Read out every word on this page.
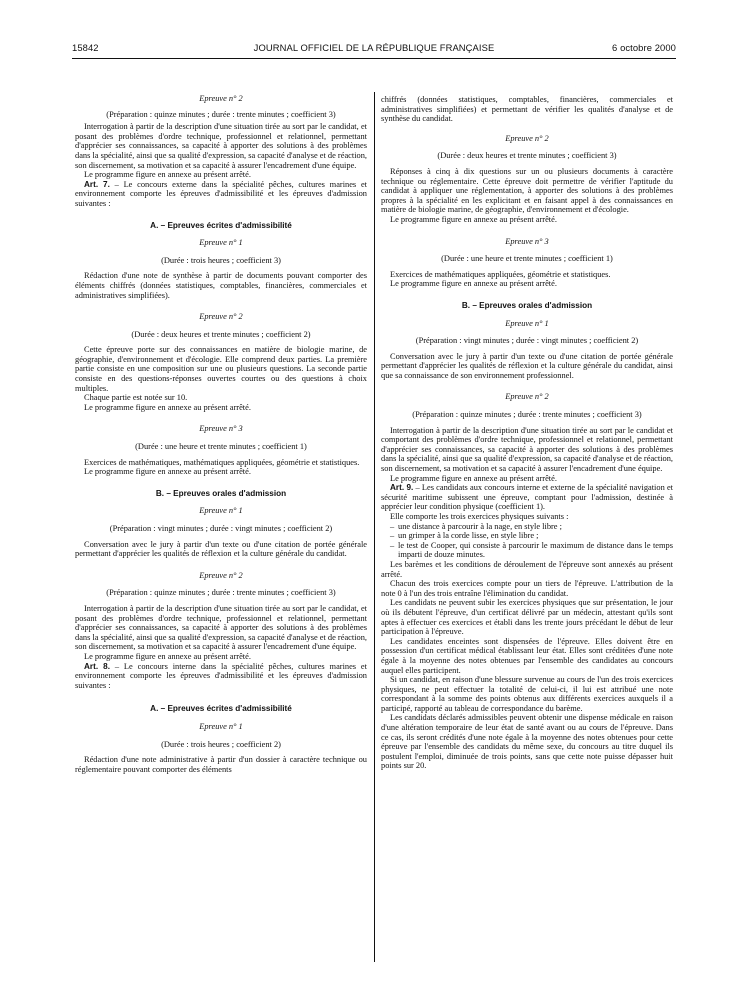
15842	JOURNAL OFFICIEL DE LA RÉPUBLIQUE FRANÇAISE	6 octobre 2000

Epreuve n° 2

(Préparation : quinze minutes ; durée : trente minutes ; coefficient 3)

Interrogation à partir de la description d'une situation tirée au sort par le candidat, et posant des problèmes d'ordre technique, professionnel et relationnel, permettant d'apprécier ses connaissances, sa capacité à apporter des solutions à des problèmes dans la spécialité, ainsi que sa qualité d'expression, sa capacité d'analyse et de réaction, son discernement, sa motivation et sa capacité à assurer l'encadrement d'une équipe.

Le programme figure en annexe au présent arrêté.

Art. 7. – Le concours externe dans la spécialité pêches, cultures marines et environnement comporte les épreuves d'admissibilité et les épreuves d'admission suivantes :

A. – Epreuves écrites d'admissibilité

Epreuve n° 1

(Durée : trois heures ; coefficient 3)

Rédaction d'une note de synthèse à partir de documents pouvant comporter des éléments chiffrés (données statistiques, comptables, financières, commerciales et administratives simplifiées).

Epreuve n° 2

(Durée : deux heures et trente minutes ; coefficient 2)

Cette épreuve porte sur des connaissances en matière de biologie marine, de géographie, d'environnement et d'écologie. Elle comprend deux parties. La première partie consiste en une composition sur une ou plusieurs questions. La seconde partie consiste en des questions-réponses ouvertes courtes ou des questions à choix multiples.

Chaque partie est notée sur 10.

Le programme figure en annexe au présent arrêté.

Epreuve n° 3

(Durée : une heure et trente minutes ; coefficient 1)

Exercices de mathématiques, mathématiques appliquées, géométrie et statistiques.

Le programme figure en annexe au présent arrêté.

B. – Epreuves orales d'admission

Epreuve n° 1

(Préparation : vingt minutes ; durée : vingt minutes ; coefficient 2)

Conversation avec le jury à partir d'un texte ou d'une citation de portée générale permettant d'apprécier les qualités de réflexion et la culture générale du candidat.

Epreuve n° 2

(Préparation : quinze minutes ; durée : trente minutes ; coefficient 3)

Interrogation à partir de la description d'une situation tirée au sort par le candidat, et posant des problèmes d'ordre technique, professionnel et relationnel, permettant d'apprécier ses connaissances, sa capacité à apporter des solutions à des problèmes dans la spécialité, ainsi que sa qualité d'expression, sa capacité d'analyse et de réaction, son discernement, sa motivation et sa capacité à assurer l'encadrement d'une équipe.

Le programme figure en annexe au présent arrêté.

Art. 8. – Le concours interne dans la spécialité pêches, cultures marines et environnement comporte les épreuves d'admissibilité et les épreuves d'admission suivantes :

A. – Epreuves écrites d'admissibilité

Epreuve n° 1

(Durée : trois heures ; coefficient 2)

Rédaction d'une note administrative à partir d'un dossier à caractère technique ou réglementaire pouvant comporter des éléments

chiffrés (données statistiques, comptables, financières, commerciales et administratives simplifiées) et permettant de vérifier les qualités d'analyse et de synthèse du candidat.

Epreuve n° 2

(Durée : deux heures et trente minutes ; coefficient 3)

Réponses à cinq à dix questions sur un ou plusieurs documents à caractère technique ou réglementaire. Cette épreuve doit permettre de vérifier l'aptitude du candidat à appliquer une réglementation, à apporter des solutions à des problèmes propres à la spécialité en les explicitant et en faisant appel à des connaissances en matière de biologie marine, de géographie, d'environnement et d'écologie.

Le programme figure en annexe au présent arrêté.

Epreuve n° 3

(Durée : une heure et trente minutes ; coefficient 1)

Exercices de mathématiques appliquées, géométrie et statistiques.

Le programme figure en annexe au présent arrêté.

B. – Epreuves orales d'admission

Epreuve n° 1

(Préparation : vingt minutes ; durée : vingt minutes ; coefficient 2)

Conversation avec le jury à partir d'un texte ou d'une citation de portée générale permettant d'apprécier les qualités de réflexion et la culture générale du candidat, ainsi que sa connaissance de son environnement professionnel.

Epreuve n° 2

(Préparation : quinze minutes ; durée : trente minutes ; coefficient 3)

Interrogation à partir de la description d'une situation tirée au sort par le candidat et comportant des problèmes d'ordre technique, professionnel et relationnel, permettant d'apprécier ses connaissances, sa capacité à apporter des solutions à des problèmes dans la spécialité, ainsi que sa qualité d'expression, sa capacité d'analyse et de réaction, son discernement, sa motivation et sa capacité à assurer l'encadrement d'une équipe.

Le programme figure en annexe au présent arrêté.

Art. 9. – Les candidats aux concours interne et externe de la spécialité navigation et sécurité maritime subissent une épreuve, comptant pour l'admission, destinée à apprécier leur condition physique (coefficient 1).

Elle comporte les trois exercices physiques suivants :

– une distance à parcourir à la nage, en style libre ;
– un grimper à la corde lisse, en style libre ;
– le test de Cooper, qui consiste à parcourir le maximum de distance dans le temps imparti de douze minutes.

Les barèmes et les conditions de déroulement de l'épreuve sont annexés au présent arrêté.

Chacun des trois exercices compte pour un tiers de l'épreuve. L'attribution de la note 0 à l'un des trois entraîne l'élimination du candidat.

Les candidats ne peuvent subir les exercices physiques que sur présentation, le jour où ils débutent l'épreuve, d'un certificat délivré par un médecin, attestant qu'ils sont aptes à effectuer ces exercices et établi dans les trente jours précédant le début de leur participation à l'épreuve.

Les candidates enceintes sont dispensées de l'épreuve. Elles doivent être en possession d'un certificat médical établissant leur état. Elles sont créditées d'une note égale à la moyenne des notes obtenues par l'ensemble des candidates au concours auquel elles participent.

Si un candidat, en raison d'une blessure survenue au cours de l'un des trois exercices physiques, ne peut effectuer la totalité de celui-ci, il lui est attribué une note correspondant à la somme des points obtenus aux différents exercices auxquels il a participé, rapporté au tableau de correspondance du barème.

Les candidats déclarés admissibles peuvent obtenir une dispense médicale en raison d'une altération temporaire de leur état de santé avant ou au cours de l'épreuve. Dans ce cas, ils seront crédités d'une note égale à la moyenne des notes obtenues pour cette épreuve par l'ensemble des candidats du même sexe, du concours au titre duquel ils postulent l'emploi, diminuée de trois points, sans que cette note puisse dépasser huit points sur 20.
